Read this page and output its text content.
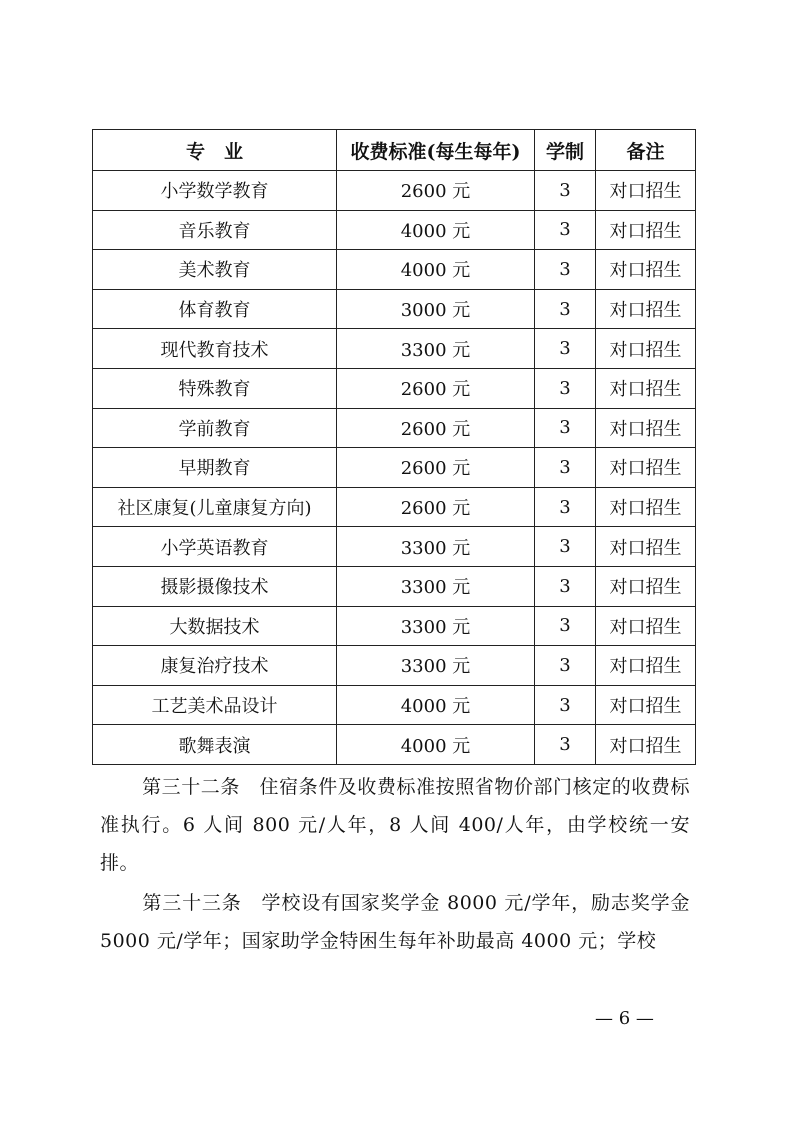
专　业	收费标准(每生每年)	学制	备注
小学数学教育	2600 元	3	对口招生
音乐教育	4000 元	3	对口招生
美术教育	4000 元	3	对口招生
体育教育	3000 元	3	对口招生
现代教育技术	3300 元	3	对口招生
特殊教育	2600 元	3	对口招生
学前教育	2600 元	3	对口招生
早期教育	2600 元	3	对口招生
社区康复(儿童康复方向)	2600 元	3	对口招生
小学英语教育	3300 元	3	对口招生
摄影摄像技术	3300 元	3	对口招生
大数据技术	3300 元	3	对口招生
康复治疗技术	3300 元	3	对口招生
工艺美术品设计	4000 元	3	对口招生
歌舞表演	4000 元	3	对口招生

第三十二条　住宿条件及收费标准按照省物价部门核定的收费标准执行。6 人间 800 元/人年，8 人间 400/人年，由学校统一安排。

第三十三条　学校设有国家奖学金 8000 元/学年，励志奖学金 5000 元/学年；国家助学金特困生每年补助最高 4000 元；学校

— 6 —
